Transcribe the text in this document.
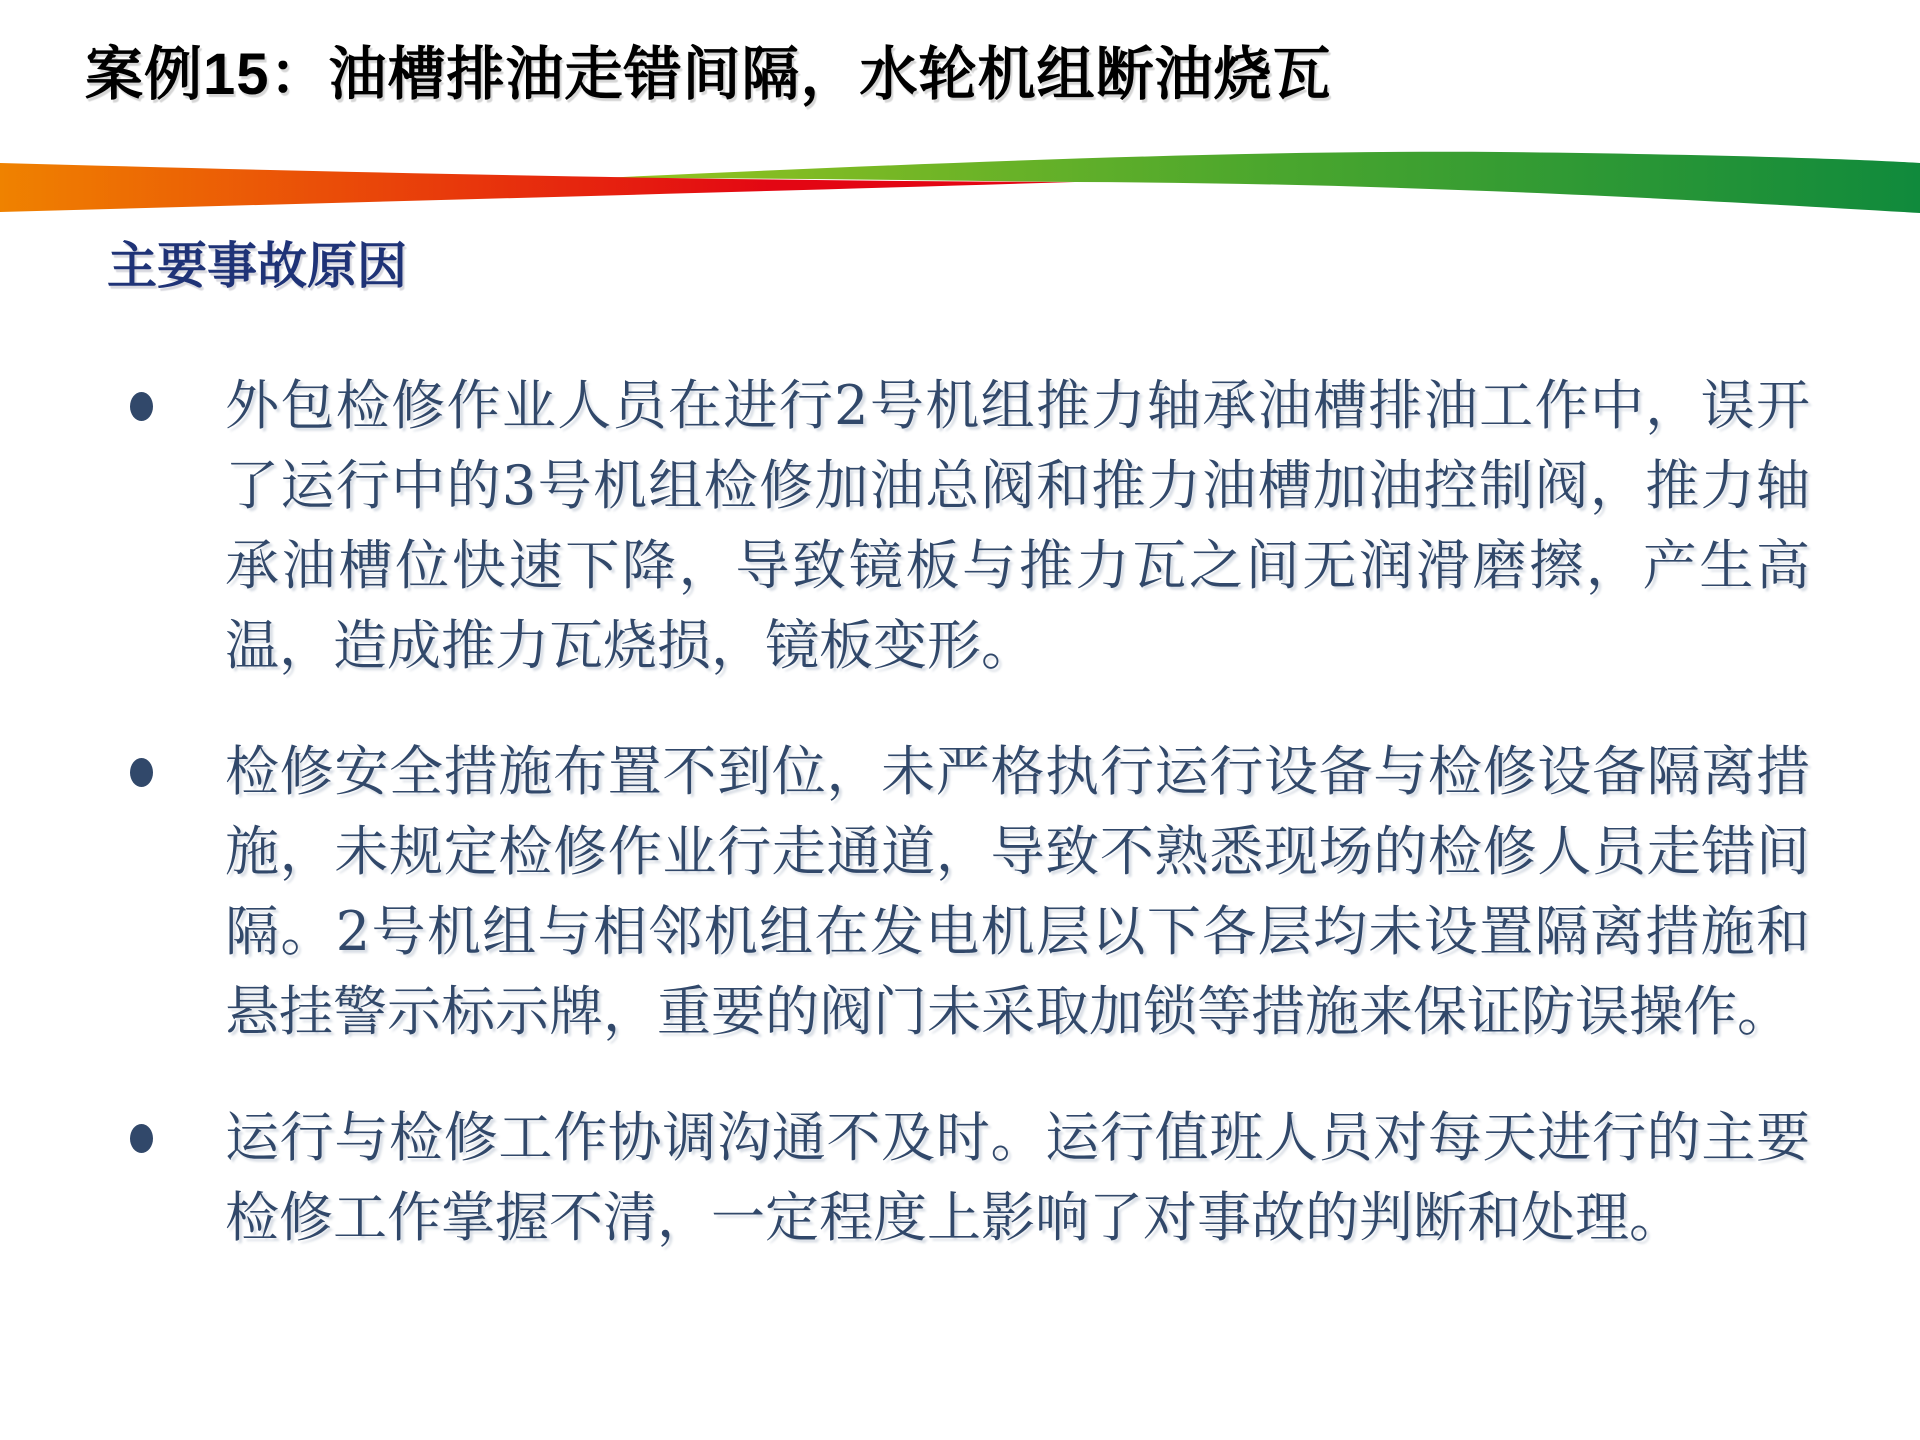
案例15：油槽排油走错间隔，水轮机组断油烧瓦
主要事故原因

外包检修作业人员在进行2号机组推力轴承油槽排油工作中，误开了运行中的3号机组检修加油总阀和推力油槽加油控制阀，推力轴承油槽位快速下降，导致镜板与推力瓦之间无润滑磨擦，产生高温，造成推力瓦烧损，镜板变形。

检修安全措施布置不到位，未严格执行运行设备与检修设备隔离措施，未规定检修作业行走通道，导致不熟悉现场的检修人员走错间隔。2号机组与相邻机组在发电机层以下各层均未设置隔离措施和悬挂警示标示牌，重要的阀门未采取加锁等措施来保证防误操作。

运行与检修工作协调沟通不及时。运行值班人员对每天进行的主要检修工作掌握不清，一定程度上影响了对事故的判断和处理。
